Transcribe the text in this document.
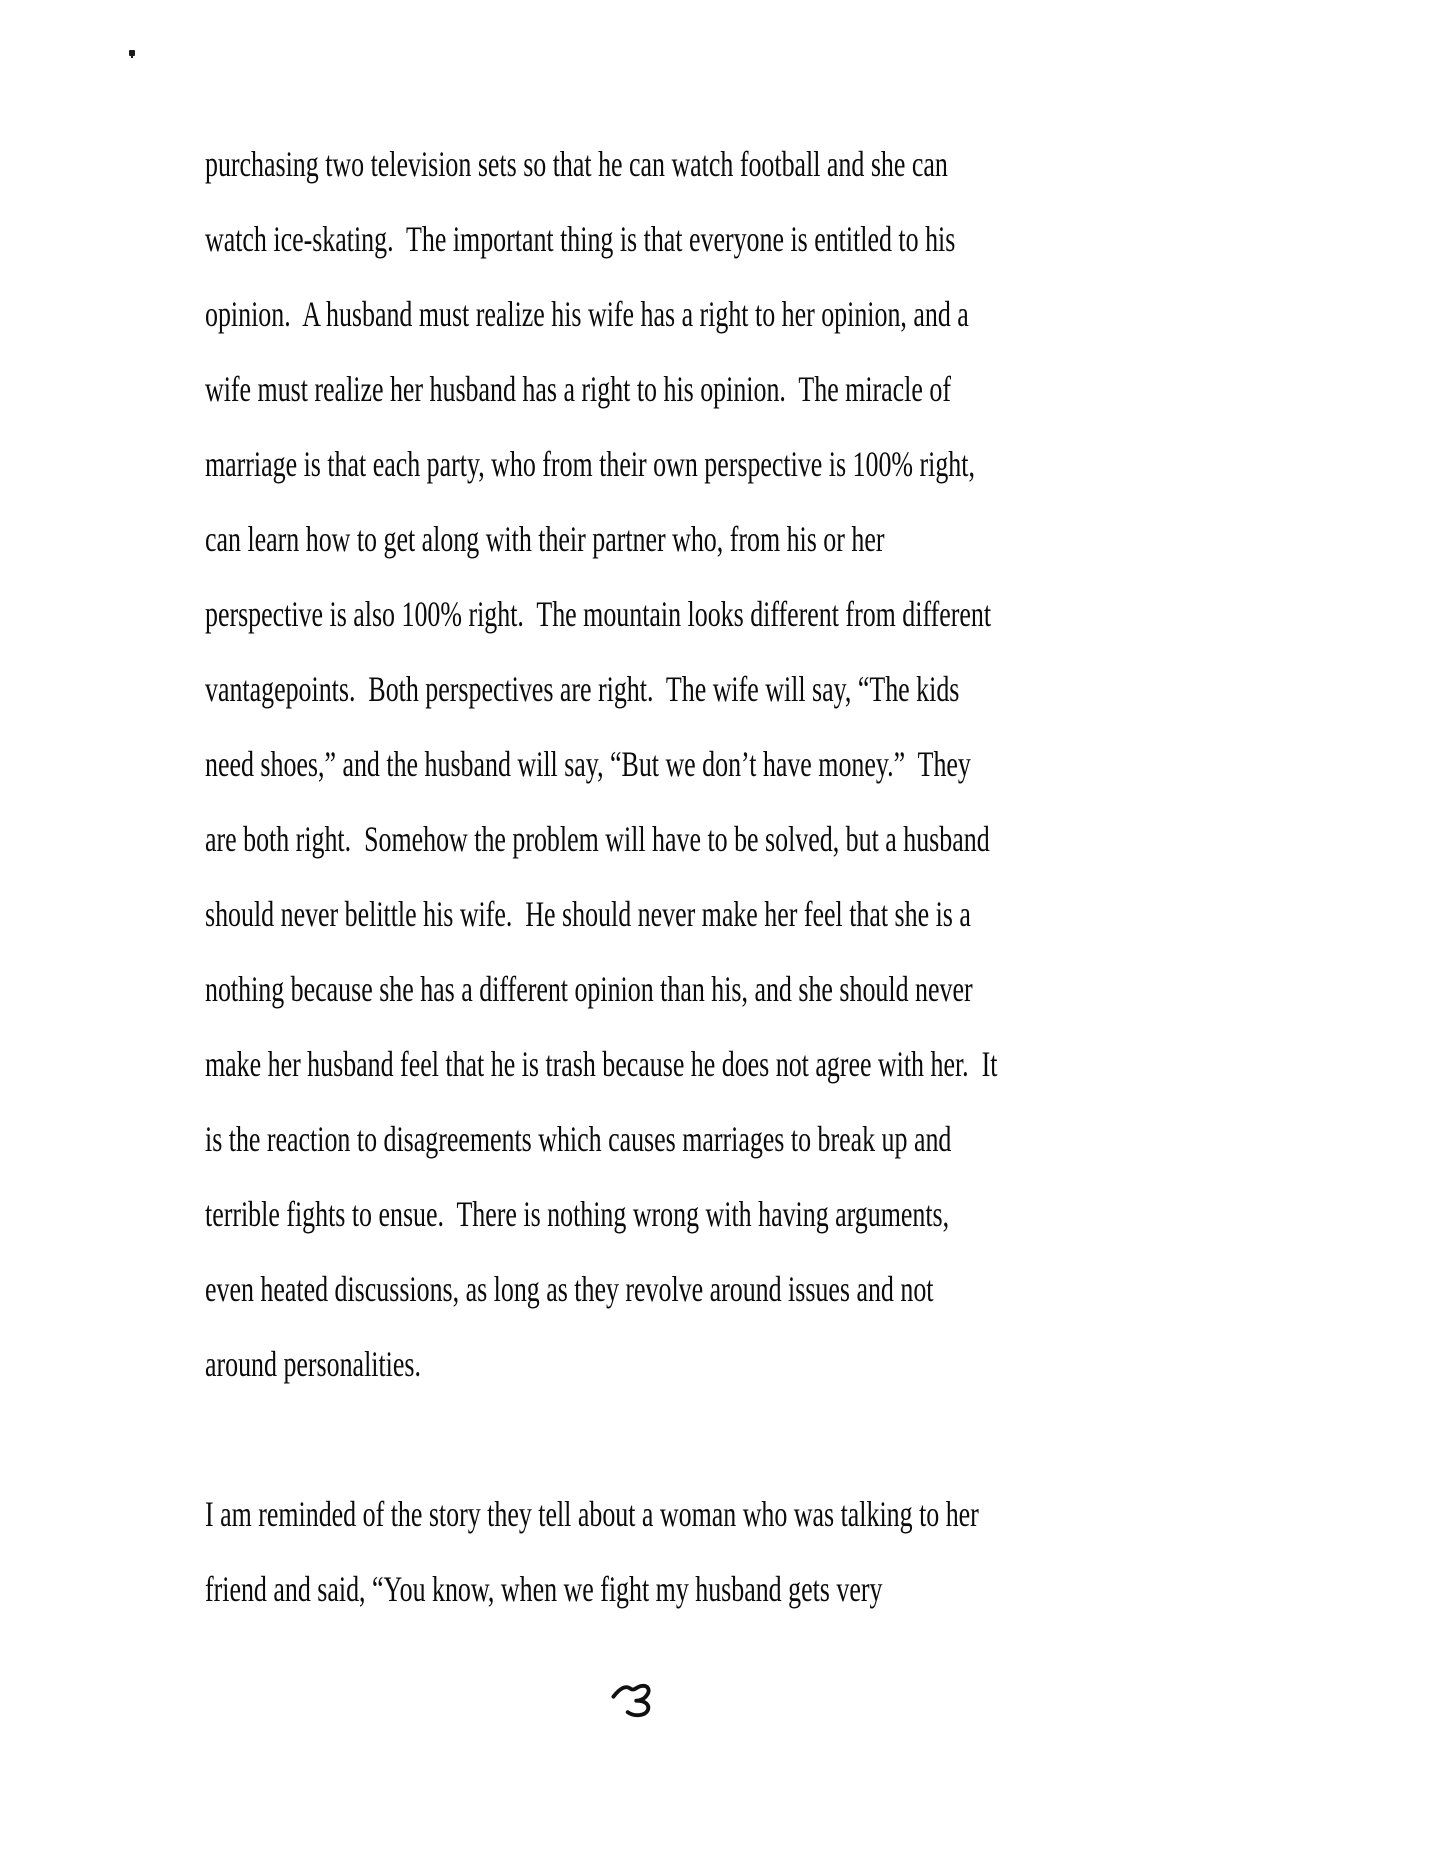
purchasing two television sets so that he can watch football and she can
watch ice-skating.  The important thing is that everyone is entitled to his
opinion.  A husband must realize his wife has a right to her opinion, and a
wife must realize her husband has a right to his opinion.  The miracle of
marriage is that each party, who from their own perspective is 100% right,
can learn how to get along with their partner who, from his or her
perspective is also 100% right.  The mountain looks different from different
vantagepoints.  Both perspectives are right.  The wife will say, “The kids
need shoes,” and the husband will say, “But we don’t have money.”  They
are both right.  Somehow the problem will have to be solved, but a husband
should never belittle his wife.  He should never make her feel that she is a
nothing because she has a different opinion than his, and she should never
make her husband feel that he is trash because he does not agree with her.  It
is the reaction to disagreements which causes marriages to break up and
terrible fights to ensue.  There is nothing wrong with having arguments,
even heated discussions, as long as they revolve around issues and not
around personalities.
I am reminded of the story they tell about a woman who was talking to her
friend and said, “You know, when we fight my husband gets very
